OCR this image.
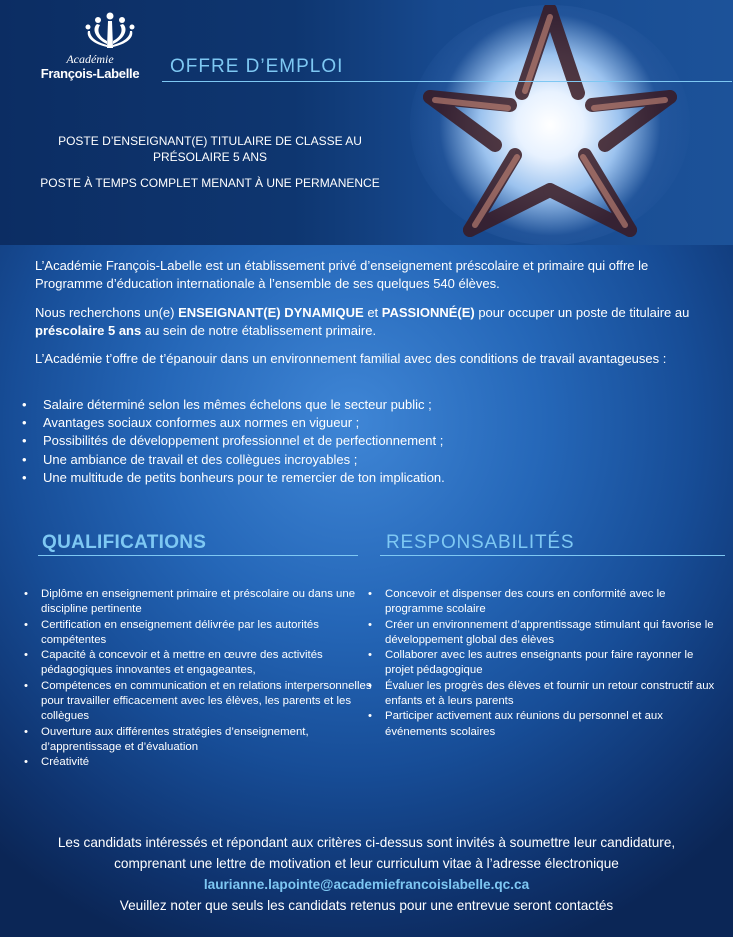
Académie
François-Labelle	OFFRE D’EMPLOI
POSTE D’ENSEIGNANT(E) TITULAIRE DE CLASSE AU PRÉSOLAIRE 5 ANS
POSTE À TEMPS COMPLET MENANT À UNE PERMANENCE
L’Académie François-Labelle est un établissement privé d’enseignement préscolaire et primaire qui offre le Programme d’éducation internationale à l’ensemble de ses quelques 540 élèves.
Nous recherchons un(e) ENSEIGNANT(E) DYNAMIQUE et PASSIONNÉ(E) pour occuper un poste de titulaire au préscolaire 5 ans au sein de notre établissement primaire.
L’Académie t’offre de t’épanouir dans un environnement familial avec des conditions de travail avantageuses :
• Salaire déterminé selon les mêmes échelons que le secteur public ;
• Avantages sociaux conformes aux normes en vigueur ;
• Possibilités de développement professionnel et de perfectionnement ;
• Une ambiance de travail et des collègues incroyables ;
• Une multitude de petits bonheurs pour te remercier de ton implication.
QUALIFICATIONS	RESPONSABILITÉS
• Diplôme en enseignement primaire et préscolaire ou dans une discipline pertinente
• Certification en enseignement délivrée par les autorités compétentes
• Capacité à concevoir et à mettre en œuvre des activités pédagogiques innovantes et engageantes,
• Compétences en communication et en relations interpersonnelles pour travailler efficacement avec les élèves, les parents et les collègues
• Ouverture aux différentes stratégies d’enseignement, d’apprentissage et d’évaluation
• Créativité
• Concevoir et dispenser des cours en conformité avec le programme scolaire
• Créer un environnement d’apprentissage stimulant qui favorise le développement global des élèves
• Collaborer avec les autres enseignants pour faire rayonner le projet pédagogique
• Évaluer les progrès des élèves et fournir un retour constructif aux enfants et à leurs parents
• Participer activement aux réunions du personnel et aux événements scolaires
Les candidats intéressés et répondant aux critères ci-dessus sont invités à soumettre leur candidature, comprenant une lettre de motivation et leur curriculum vitae à l’adresse électronique laurianne.lapointe@academiefrancoislabelle.qc.ca
Veuillez noter que seuls les candidats retenus pour une entrevue seront contactés
